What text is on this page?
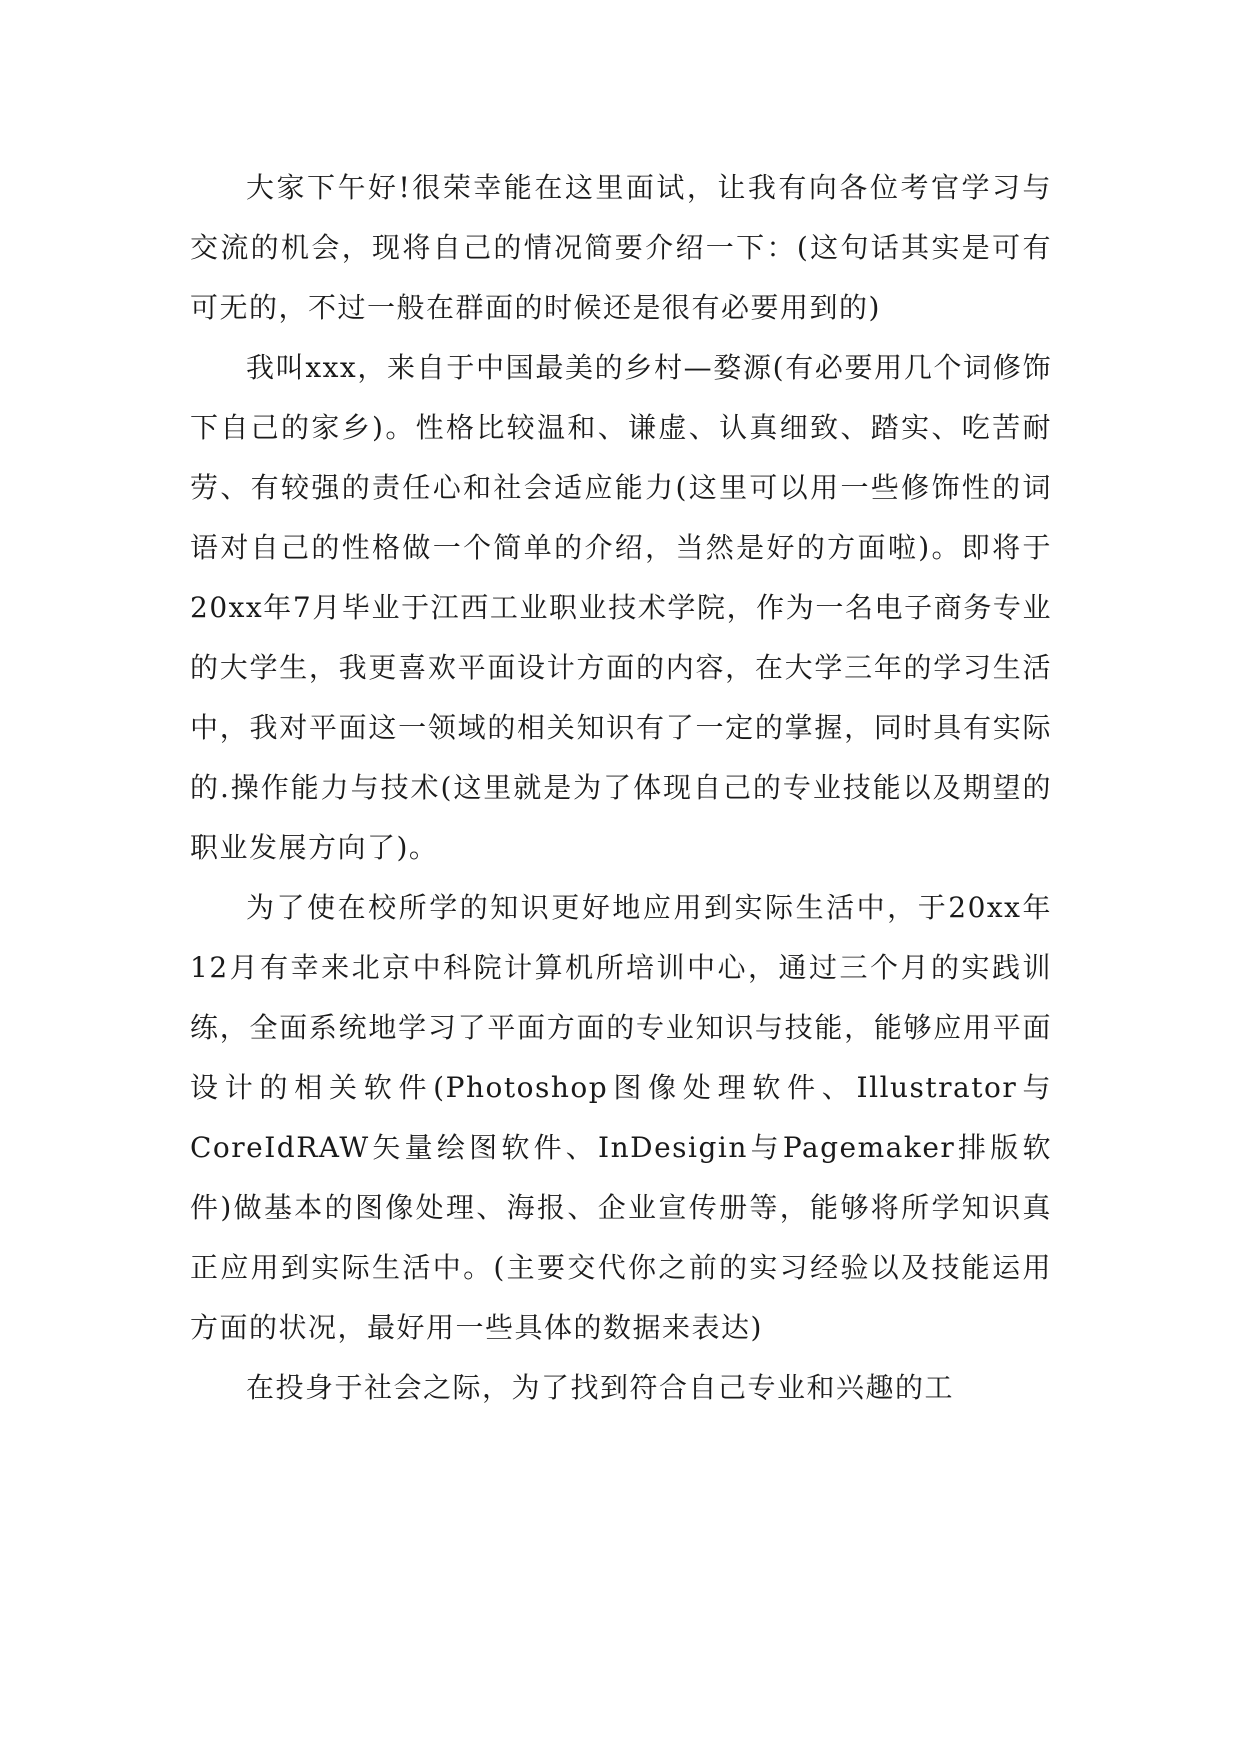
大家下午好!很荣幸能在这里面试，让我有向各位考官学习与交流的机会，现将自己的情况简要介绍一下：(这句话其实是可有可无的，不过一般在群面的时候还是很有必要用到的)

我叫xxx，来自于中国最美的乡村—婺源(有必要用几个词修饰下自己的家乡)。性格比较温和、谦虚、认真细致、踏实、吃苦耐劳、有较强的责任心和社会适应能力(这里可以用一些修饰性的词语对自己的性格做一个简单的介绍，当然是好的方面啦)。即将于20xx年7月毕业于江西工业职业技术学院，作为一名电子商务专业的大学生，我更喜欢平面设计方面的内容，在大学三年的学习生活中，我对平面这一领域的相关知识有了一定的掌握，同时具有实际的.操作能力与技术(这里就是为了体现自己的专业技能以及期望的职业发展方向了)。

为了使在校所学的知识更好地应用到实际生活中，于20xx年12月有幸来北京中科院计算机所培训中心，通过三个月的实践训练，全面系统地学习了平面方面的专业知识与技能，能够应用平面设计的相关软件(Photoshop图像处理软件、Illustrator与CoreIdRAW矢量绘图软件、InDesigin与Pagemaker排版软件)做基本的图像处理、海报、企业宣传册等，能够将所学知识真正应用到实际生活中。(主要交代你之前的实习经验以及技能运用方面的状况，最好用一些具体的数据来表达)

在投身于社会之际，为了找到符合自己专业和兴趣的工
